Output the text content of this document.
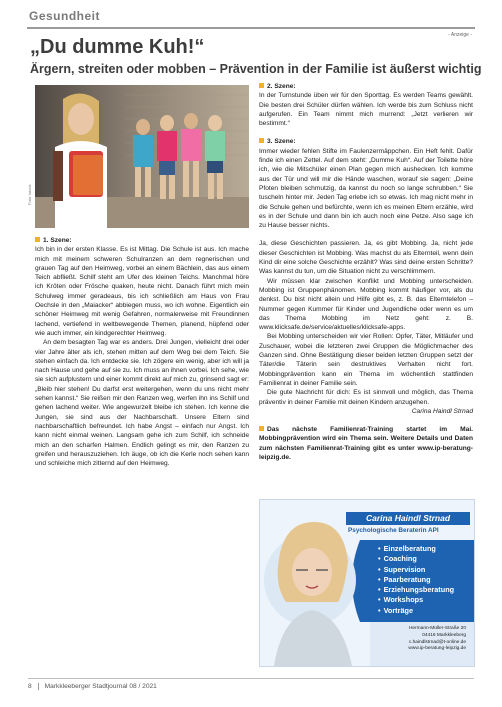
Gesundheit
- Anzeige -
„Du dumme Kuh!“
Ärgern, streiten oder mobben – Prävention in der Familie ist äußerst wichtig
Foto: istock

1. Szene:

Ich bin in der ersten Klasse. Es ist Mittag. Die Schule ist aus. Ich mache mich mit meinem schweren Schulranzen an dem regnerischen und grauen Tag auf den Heimweg, vorbei an einem Bächlein, das aus einem Teich abfließt. Schilf steht am Ufer des kleinen Teichs. Manchmal höre ich Kröten oder Frösche quaken, heute nicht. Danach führt mich mein Schulweg immer geradeaus, bis ich schließlich am Haus von Frau Oechsle in den „Maiacker“ abbiegen muss, wo ich wohne. Eigentlich ein schöner Heimweg mit wenig Gefahren, normalerweise mit Freundinnen lachend, vertiefend in weltbewegende Themen, planend, hüpfend oder wie auch immer, ein kindgerechter Heimweg.

An dem besagten Tag war es anders. Drei Jungen, vielleicht drei oder vier Jahre älter als ich, stehen mitten auf dem Weg bei dem Teich. Sie stehen einfach da. Ich entdecke sie. Ich zögere ein wenig, aber ich will ja nach Hause und gehe auf sie zu. Ich muss an ihnen vorbei. Ich sehe, wie sie sich aufplustern und einer kommt direkt auf mich zu, grinsend sagt er: „Bleib hier stehen! Du darfst erst weitergehen, wenn du uns nicht mehr sehen kannst.“ Sie reißen mir den Ranzen weg, werfen ihn ins Schilf und gehen lachend weiter. Wie angewurzelt bleibe ich stehen. Ich kenne die Jungen, sie sind aus der Nachbarschaft. Unsere Eltern sind nachbarschaftlich befreundet. Ich habe Angst – einfach nur Angst. Ich kann nicht einmal weinen. Langsam gehe ich zum Schilf, ich schneide mich an den scharfen Halmen. Endlich gelingt es mir, den Ranzen zu greifen und herauszuziehen. Ich äuge, ob ich die Kerle noch sehen kann und schleiche mich zitternd auf den Heimweg.

2. Szene:

In der Turnstunde üben wir für den Sporttag. Es werden Teams gewählt. Die besten drei Schüler dürfen wählen. Ich werde bis zum Schluss nicht aufgerufen. Ein Team nimmt mich murrend: „Jetzt verlieren wir bestimmt.“

3. Szene:

Immer wieder fehlen Stifte im Faulenzermäppchen. Ein Heft fehlt. Dafür finde ich einen Zettel. Auf dem steht: „Dumme Kuh“. Auf der Toilette höre ich, wie die Mitschüler einen Plan gegen mich aushecken. Ich komme aus der Tür und will mir die Hände waschen, worauf sie sagen: „Deine Pfoten bleiben schmutzig, da kannst du noch so lange schrubben.“ Sie tuscheln hinter mir. Jeden Tag erlebe ich so etwas. Ich mag nicht mehr in die Schule gehen und befürchte, wenn ich es meinen Eltern erzähle, wird es in der Schule und dann bin ich auch noch eine Petze. Also sage ich zu Hause besser nichts.

Ja, diese Geschichten passieren. Ja, es gibt Mobbing. Ja, nicht jede dieser Geschichten ist Mobbing. Was machst du als Elternteil, wenn dein Kind dir eine solche Geschichte erzählt? Was sind deine ersten Schritte? Was kannst du tun, um die Situation nicht zu verschlimmern.

Wir müssen klar zwischen Konflikt und Mobbing unterscheiden. Mobbing ist Gruppenphänomen. Mobbing kommt häufiger vor, als du denkst. Du bist nicht allein und Hilfe gibt es, z. B. das Elterntelefon – Nummer gegen Kummer für Kinder und Jugendliche oder wenn es um das Thema Mobbing im Netz geht: z. B. www.klicksafe.de/service/aktuelles/klicksafe-apps.

Bei Mobbing unterscheiden wir vier Rollen: Opfer, Täter, Mitläufer und Zuschauer, wobei die letzteren zwei Gruppen die Möglichmacher des Ganzen sind. Ohne Bestätigung dieser beiden letzten Gruppen setzt der Täter/die Täterin sein destruktives Verhalten nicht fort. Mobbingprävention kann ein Thema im wöchentlich stattfinden Familienrat in deiner Familie sein.

Die gute Nachricht für dich: Es ist sinnvoll und möglich, das Thema präventiv in deiner Familie mit deinen Kindern anzugehen.

Carina Haindl Strnad

Das nächste Familienrat-Training startet im Mai. Mobbingprävention wird ein Thema sein. Weitere Details und Daten zum nächsten Familienrat-Training gibt es unter www.ip-beratung-leipzig.de.

Carina Haindl Strnad
Psychologische Beraterin API
• Einzelberatung
• Coaching
• Supervision
• Paarberatung
• Erziehungsberatung
• Workshops
• Vorträge
Hermann-Müller-Straße 20
04416 Markkleeberg
c.haindlstrnad@t-online.de
www.ip-beratung-leipzig.de
8 Markkleeberger Stadtjournal 08 / 2021
